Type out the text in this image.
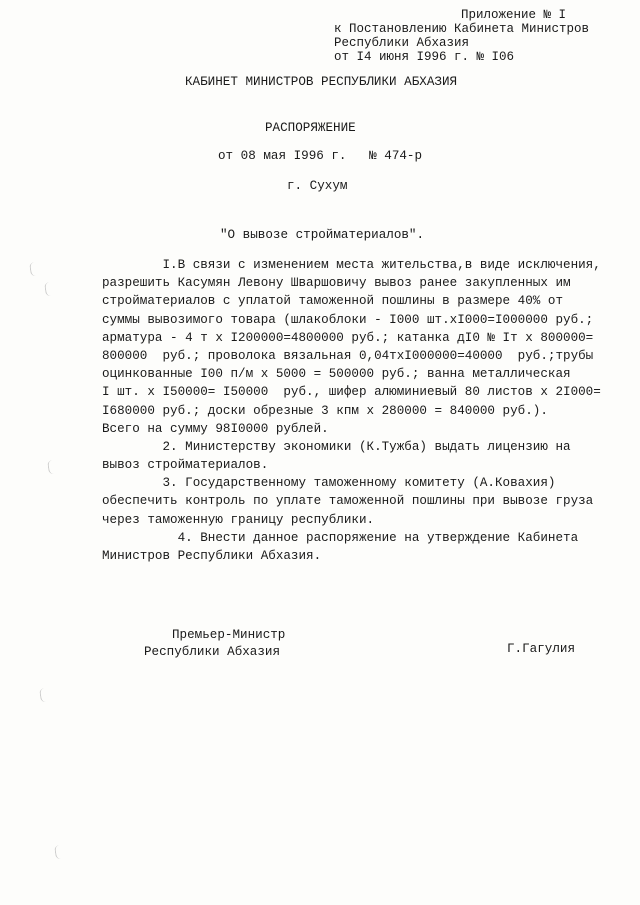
Приложение № I
к Постановлению Кабинета Министров
Республики Абхазия
от I4 июня I996 г. № I06
КАБИНЕТ МИНИСТРОВ РЕСПУБЛИКИ АБХАЗИЯ
РАСПОРЯЖЕНИЕ
от 08 мая I996 г.   № 474-р
г. Сухум
"О вывозе стройматериалов".
I.В связи с изменением места жительства,в виде исключения,
разрешить Касумян Левону Шваршовичу вывоз ранее закупленных им
стройматериалов с уплатой таможенной пошлины в размере 40% от
суммы вывозимого товара (шлакоблоки - I000 шт.хI000=I000000 руб.;
арматура - 4 т х I200000=4800000 руб.; катанка дI0 № Iт х 800000=
800000  руб.; проволока вязальная 0,04тхI000000=40000  руб.;трубы
оцинкованные I00 п/м х 5000 = 500000 руб.; ванна металлическая
I шт. х I50000= I50000  руб., шифер алюминиевый 80 листов х 2I000=
I680000 руб.; доски обрезные 3 кпм х 280000 = 840000 руб.).
Всего на сумму 98I0000 рублей.
2. Министерству экономики (К.Тужба) выдать лицензию на
вывоз стройматериалов.
3. Государственному таможенному комитету (А.Ковахия)
обеспечить контроль по уплате таможенной пошлины при вывозе груза
через таможенную границу республики.
4. Внести данное распоряжение на утверждение Кабинета
Министров Республики Абхазия.
Премьер-Министр
Республики Абхазия	Г.Гагулия
